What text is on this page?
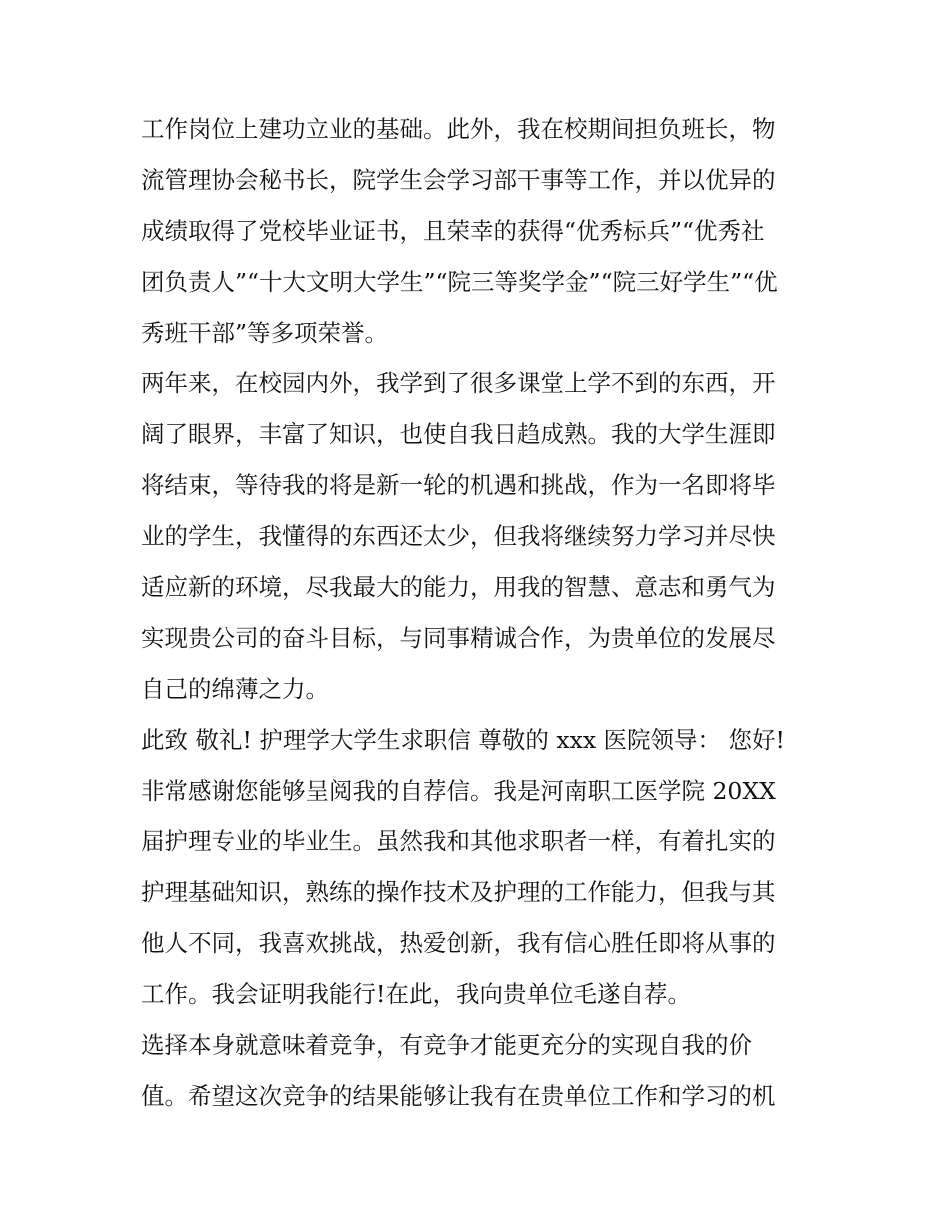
工作岗位上建功立业的基础。此外，我在校期间担负班长，物
流管理协会秘书长，院学生会学习部干事等工作，并以优异的
成绩取得了党校毕业证书，且荣幸的获得“优秀标兵”“优秀社
团负责人”“十大文明大学生”“院三等奖学金”“院三好学生”“优
秀班干部”等多项荣誉。
两年来，在校园内外，我学到了很多课堂上学不到的东西，开
阔了眼界，丰富了知识，也使自我日趋成熟。我的大学生涯即
将结束，等待我的将是新一轮的机遇和挑战，作为一名即将毕
业的学生，我懂得的东西还太少，但我将继续努力学习并尽快
适应新的环境，尽我最大的能力，用我的智慧、意志和勇气为
实现贵公司的奋斗目标，与同事精诚合作，为贵单位的发展尽
自己的绵薄之力。
此致 敬礼! 护理学大学生求职信 尊敬的 xxx 医院领导： 您好!
非常感谢您能够呈阅我的自荐信。我是河南职工医学院 20XX
届护理专业的毕业生。虽然我和其他求职者一样，有着扎实的
护理基础知识，熟练的操作技术及护理的工作能力，但我与其
他人不同，我喜欢挑战，热爱创新，我有信心胜任即将从事的
工作。我会证明我能行!在此，我向贵单位毛遂自荐。
选择本身就意味着竞争，有竞争才能更充分的实现自我的价
值。希望这次竞争的结果能够让我有在贵单位工作和学习的机
